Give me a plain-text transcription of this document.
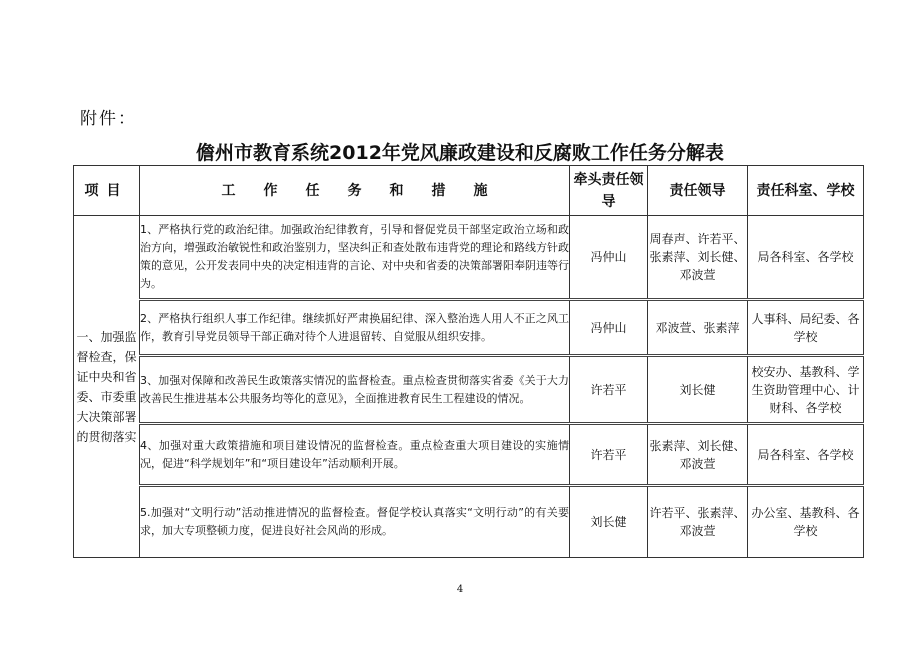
附件：
儋州市教育系统2012年党风廉政建设和反腐败工作任务分解表
项目	工作任务和措施	牵头责任领导	责任领导	责任科室、学校
一、加强监督检查，保证中央和省委、市委重大决策部署的贯彻落实	1、严格执行党的政治纪律。加强政治纪律教育，引导和督促党员干部坚定政治立场和政治方向，增强政治敏锐性和政治鉴别力，坚决纠正和查处散布违背党的理论和路线方针政策的意见，公开发表同中央的决定相违背的言论、对中央和省委的决策部署阳奉阴违等行为。	冯仲山	周春声、许若平、张素萍、刘长健、邓波萱	局各科室、各学校
	2、严格执行组织人事工作纪律。继续抓好严肃换届纪律、深入整治选人用人不正之风工作，教育引导党员领导干部正确对待个人进退留转、自觉服从组织安排。	冯仲山	邓波萱、张素萍	人事科、局纪委、各学校
	3、加强对保障和改善民生政策落实情况的监督检查。重点检查贯彻落实省委《关于大力改善民生推进基本公共服务均等化的意见》，全面推进教育民生工程建设的情况。	许若平	刘长健	校安办、基教科、学生资助管理中心、计财科、各学校
	4、加强对重大政策措施和项目建设情况的监督检查。重点检查重大项目建设的实施情况，促进“科学规划年”和“项目建设年”活动顺利开展。	许若平	张素萍、刘长健、邓波萱	局各科室、各学校
	5.加强对“文明行动”活动推进情况的监督检查。督促学校认真落实“文明行动”的有关要求，加大专项整顿力度，促进良好社会风尚的形成。	刘长健	许若平、张素萍、邓波萱	办公室、基教科、各学校
4
